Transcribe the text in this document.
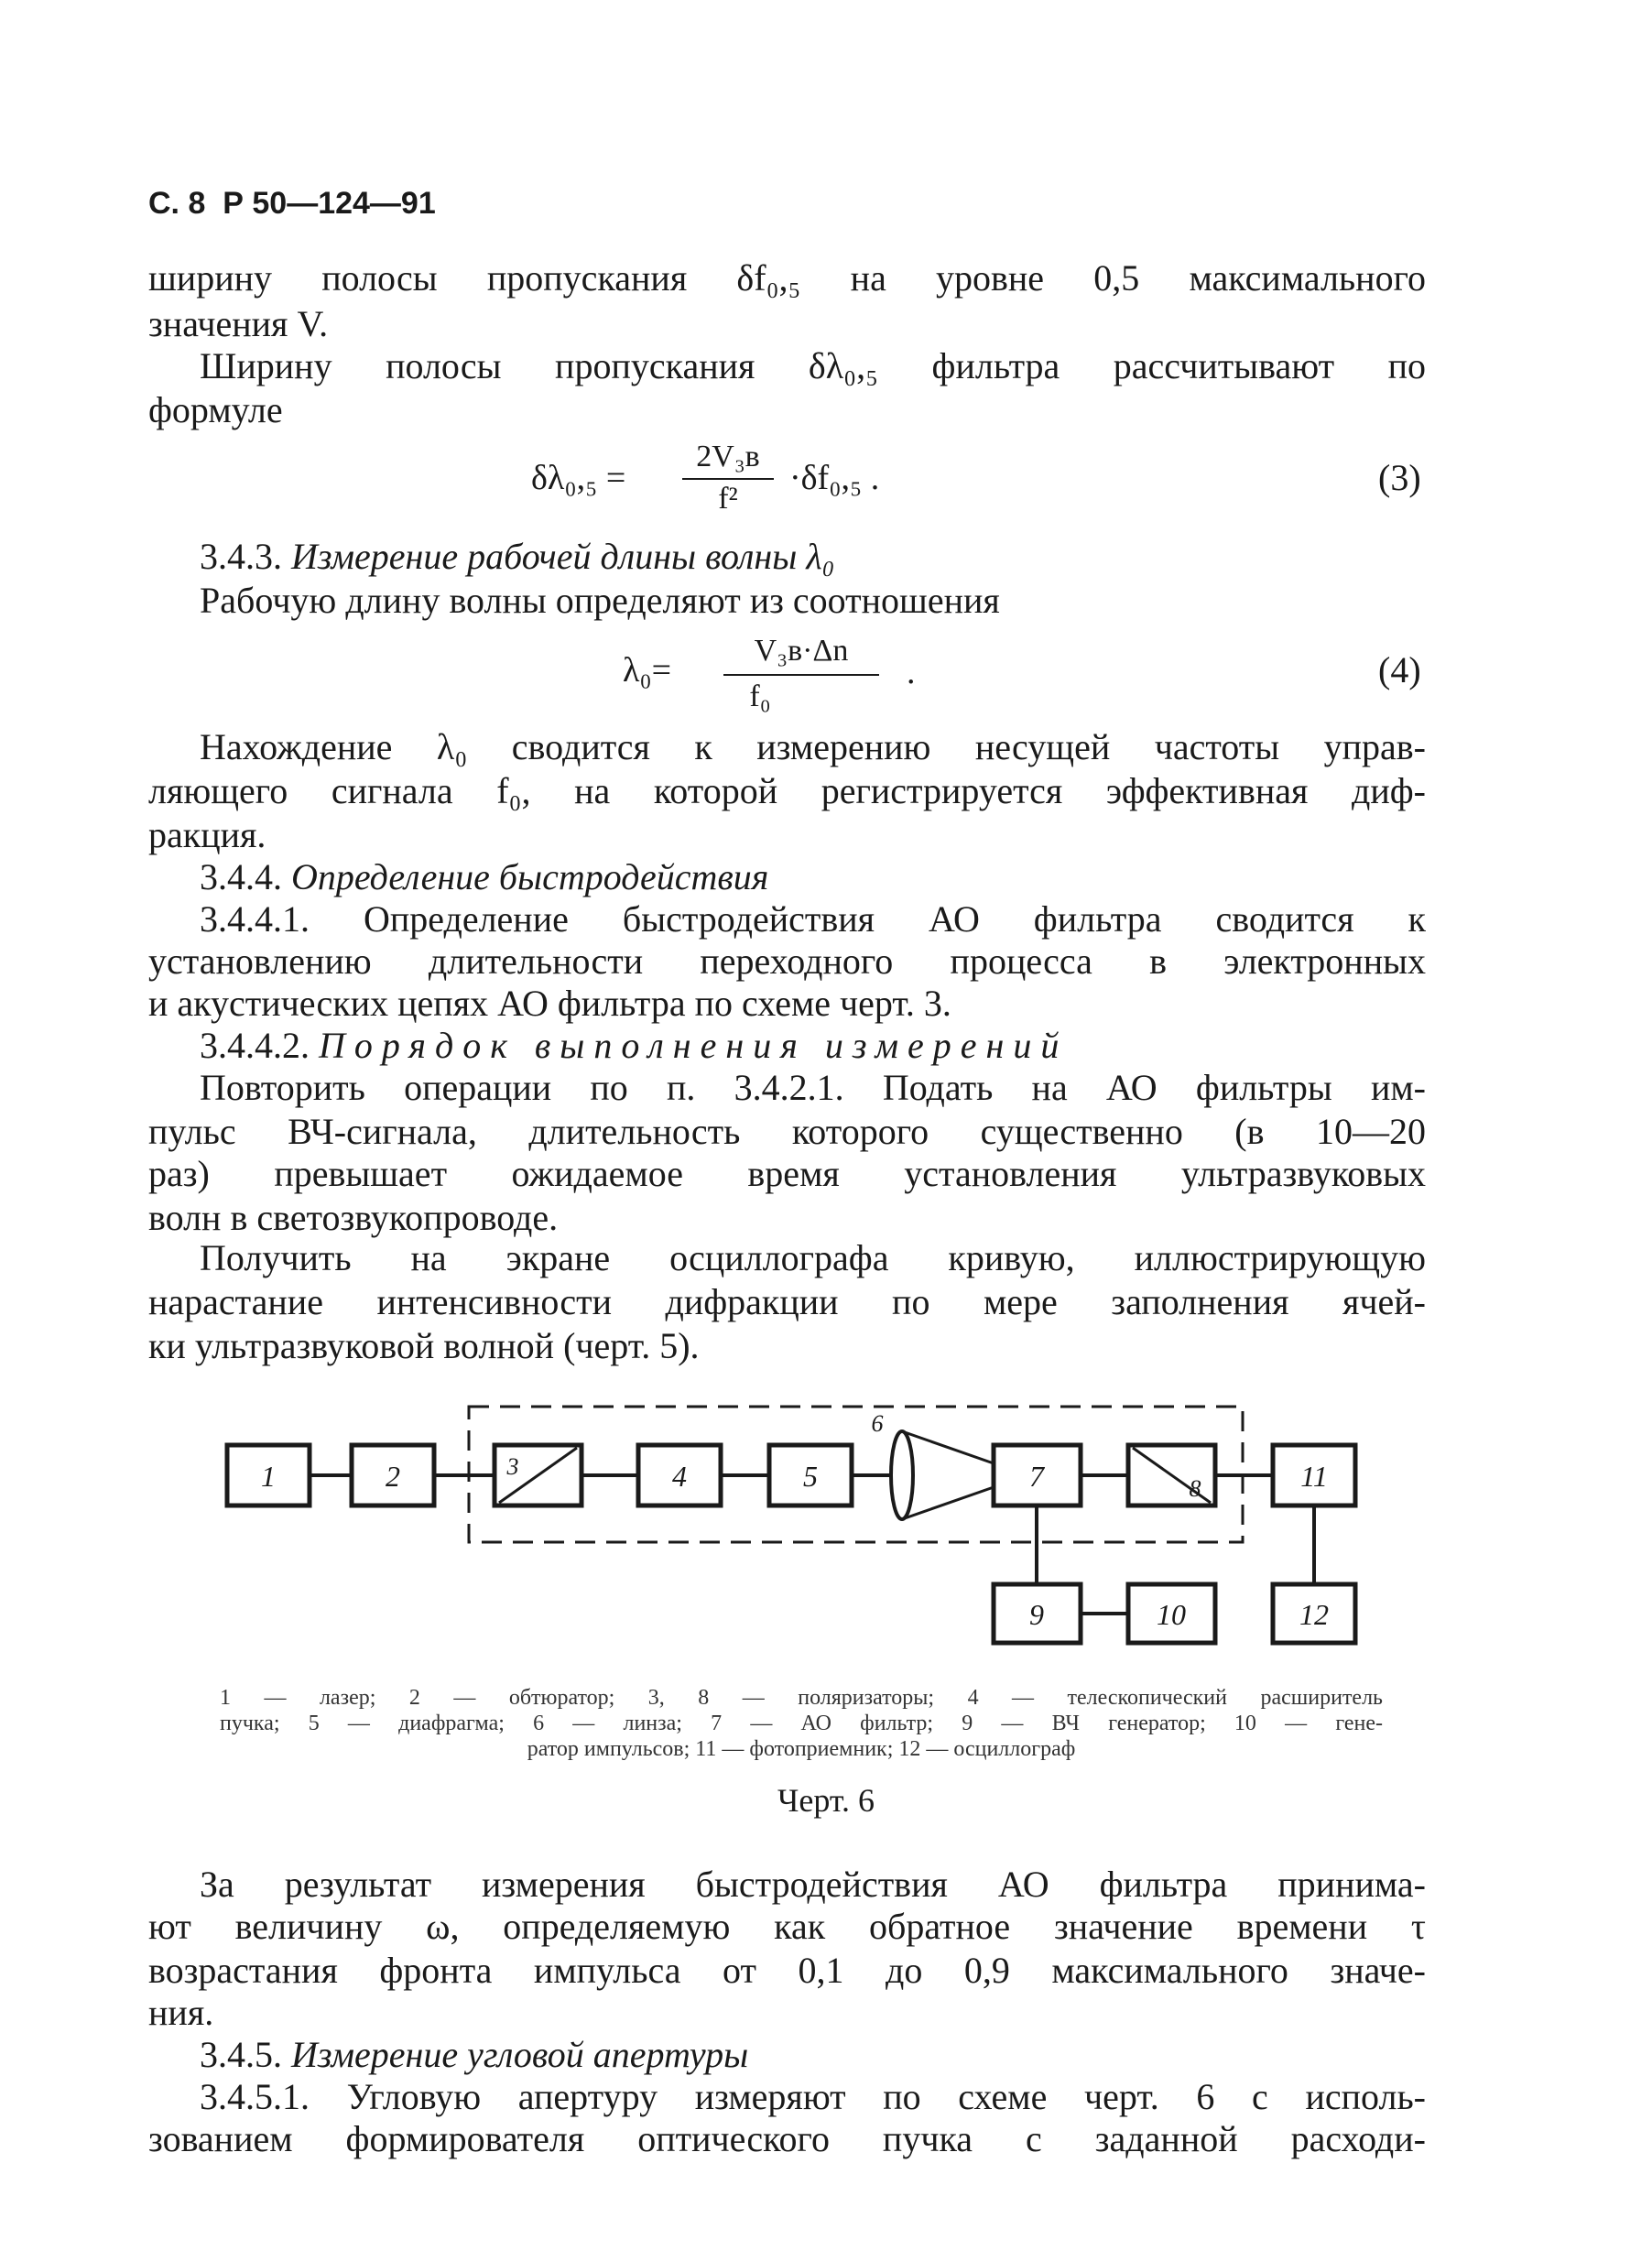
С. 8 Р 50—124—91
ширину полосы пропускания δf₀,₅ на уровне 0,5 максимального
значения V.
Ширину полосы пропускания δλ₀,₅ фильтра рассчитывают по
формуле
δλ₀,₅ =
2V₃в
f²
·δf₀,₅ .	(3)
3.4.3. Измерение рабочей длины волны λ₀
Рабочую длину волны определяют из соотношения
λ₀=
V₃в·Δn
f₀
.	(4)
Нахождение λ₀ сводится к измерению несущей частоты управ-
ляющего сигнала f₀, на которой регистрируется эффективная диф-
ракция.
3.4.4. Определение быстродействия
3.4.4.1. Определение быстродействия АО фильтра сводится к
установлению длительности переходного процесса в электронных
и акустических цепях АО фильтра по схеме черт. 3.
3.4.4.2. Порядок выполнения измерений
Повторить операции по п. 3.4.2.1. Подать на АО фильтры им-
пульс ВЧ-сигнала, длительность которого существенно (в 10—20
раз) превышает ожидаемое время установления ультразвуковых
волн в светозвукопроводе.
Получить на экране осциллографа кривую, иллюстрирующую
нарастание интенсивности дифракции по мере заполнения ячей-
ки ультразвуковой волной (черт. 5).
1	2	3	4	5
6
7	8
9	10
11
12
1 — лазер; 2 — обтюратор; 3, 8 — поляризаторы; 4 — телескопический расширитель
пучка; 5 — диафрагма; 6 — линза; 7 — АО фильтр; 9 — ВЧ генератор; 10 — гене-
ратор импульсов; 11 — фотоприемник; 12 — осциллограф
Черт. 6
За результат измерения быстродействия АО фильтра принима-
ют величину ω, определяемую как обратное значение времени τ
возрастания фронта импульса от 0,1 до 0,9 максимального значе-
ния.
3.4.5. Измерение угловой апертуры
3.4.5.1. Угловую апертуру измеряют по схеме черт. 6 с исполь-
зованием формирователя оптического пучка с заданной расходи-
